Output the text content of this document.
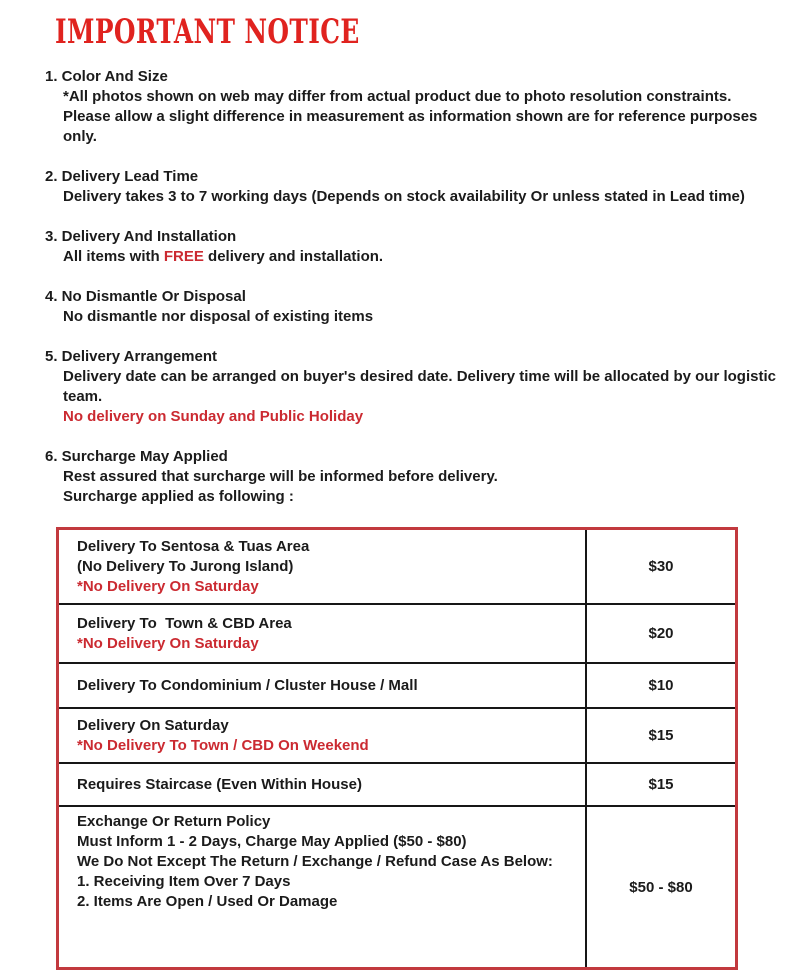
IMPORTANT NOTICE
1. Color And Size
*All photos shown on web may differ from actual product due to photo resolution constraints.
Please allow a slight difference in measurement as information shown are for reference purposes
only.
2. Delivery Lead Time
Delivery takes 3 to 7 working days (Depends on stock availability Or unless stated in Lead time)
3. Delivery And Installation
All items with FREE delivery and installation.
4. No Dismantle Or Disposal
No dismantle nor disposal of existing items
5. Delivery Arrangement
Delivery date can be arranged on buyer's desired date. Delivery time will be allocated by our logistic
team.
No delivery on Sunday and Public Holiday
6. Surcharge May Applied
Rest assured that surcharge will be informed before delivery.
Surcharge applied as following :
Delivery To Sentosa & Tuas Area
(No Delivery To Jurong Island)
*No Delivery On Saturday
$30
Delivery To  Town & CBD Area
*No Delivery On Saturday
$20
Delivery To Condominium / Cluster House / Mall	$10
Delivery On Saturday
*No Delivery To Town / CBD On Weekend
$15
Requires Staircase (Even Within House)	$15
Exchange Or Return Policy
Must Inform 1 - 2 Days, Charge May Applied ($50 - $80)
We Do Not Except The Return / Exchange / Refund Case As Below:
1. Receiving Item Over 7 Days
2. Items Are Open / Used Or Damage
$50 - $80
